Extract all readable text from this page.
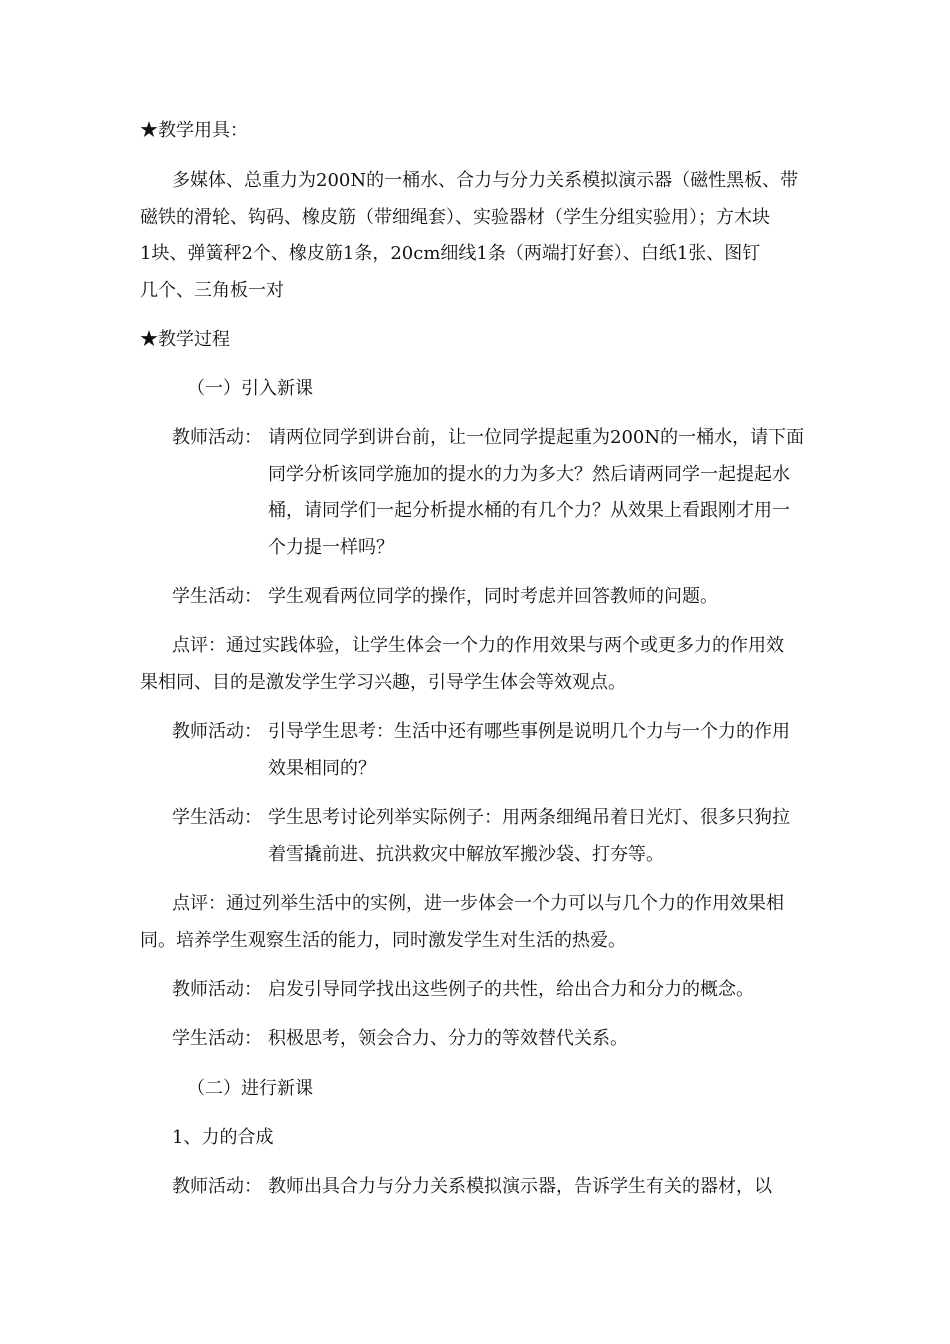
★教学用具：

多媒体、总重力为200N的一桶水、合力与分力关系模拟演示器（磁性黑板、带

磁铁的滑轮、钩码、橡皮筋（带细绳套）、实验器材（学生分组实验用）；方木块

1块、弹簧秤2个、橡皮筋1条，20cm细线1条（两端打好套）、白纸1张、图钉

几个、三角板一对

★教学过程

（一）引入新课

教师活动： 请两位同学到讲台前，让一位同学提起重为200N的一桶水，请下面
同学分析该同学施加的提水的力为多大？然后请两同学一起提起水
桶，请同学们一起分析提水桶的有几个力？从效果上看跟刚才用一
个力提一样吗？
学生活动： 学生观看两位同学的操作，同时考虑并回答教师的问题。

点评：通过实践体验，让学生体会一个力的作用效果与两个或更多力的作用效

果相同、目的是激发学生学习兴趣，引导学生体会等效观点。

教师活动： 引导学生思考：生活中还有哪些事例是说明几个力与一个力的作用
效果相同的？
学生活动： 学生思考讨论列举实际例子：用两条细绳吊着日光灯、很多只狗拉
着雪撬前进、抗洪救灾中解放军搬沙袋、打夯等。

点评：通过列举生活中的实例，进一步体会一个力可以与几个力的作用效果相

同。培养学生观察生活的能力，同时激发学生对生活的热爱。

教师活动： 启发引导同学找出这些例子的共性，给出合力和分力的概念。
学生活动： 积极思考，领会合力、分力的等效替代关系。

（二）进行新课

1、力的合成

教师活动： 教师出具合力与分力关系模拟演示器，告诉学生有关的器材，以
